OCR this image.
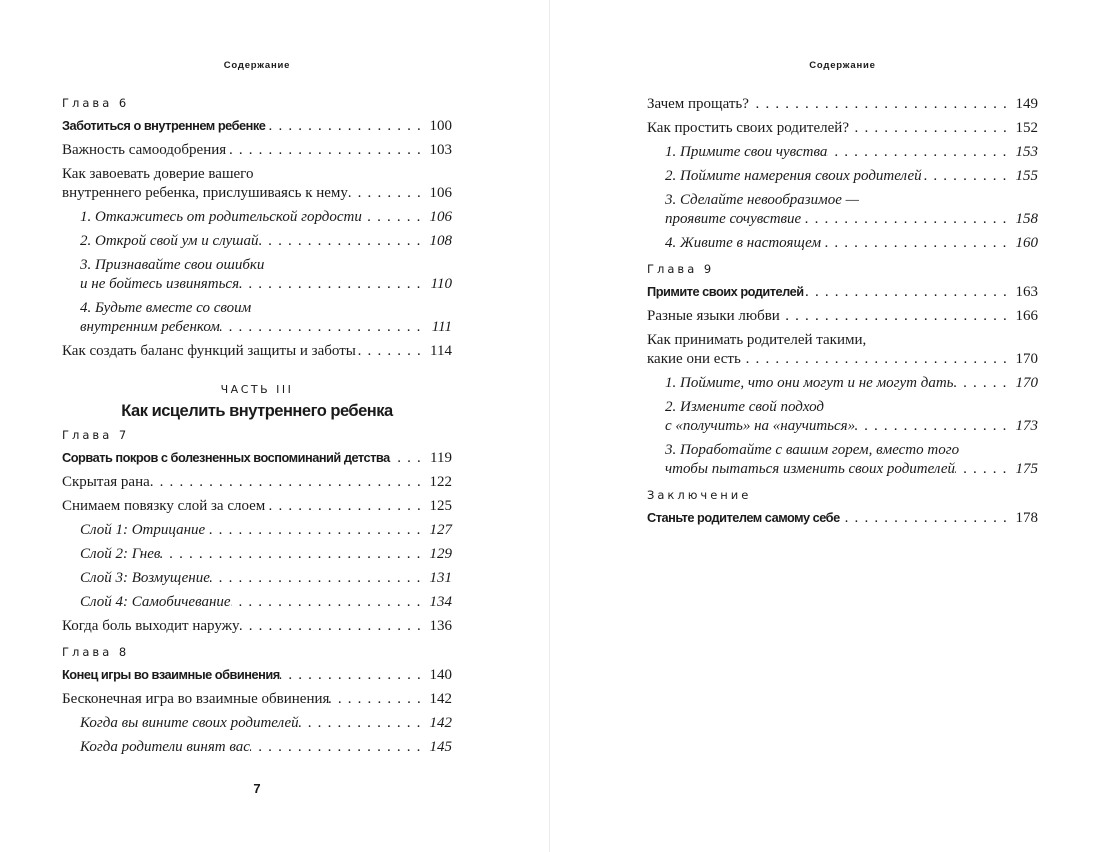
Содержание
Глава 6
Заботиться о внутреннем ребенке . . .	100
Важность самоодобрения . . .	103
Как завоевать доверие вашего
внутреннего ребенка, прислушиваясь к нему . . .	106
1. Откажитесь от родительской гордости . . .	106
2. Открой свой ум и слушай . . .	108
3. Признавайте свои ошибки
и не бойтесь извиняться . . .	110
4. Будьте вместе со своим
внутренним ребенком . . .	111
Как создать баланс функций защиты и заботы . . .	114
ЧАСТЬ III
Как исцелить внутреннего ребенка
Глава 7
Сорвать покров с болезненных воспоминаний детства . . .	119
Скрытая рана . . .	122
Снимаем повязку слой за слоем . . .	125
Слой 1: Отрицание . . .	127
Слой 2: Гнев . . .	129
Слой 3: Возмущение . . .	131
Слой 4: Самобичевание . . .	134
Когда боль выходит наружу . . .	136
Глава 8
Конец игры во взаимные обвинения . . .	140
Бесконечная игра во взаимные обвинения . . .	142
Когда вы вините своих родителей . . .	142
Когда родители винят вас . . .	145
7
Содержание
Зачем прощать? . . .	149
Как простить своих родителей? . . .	152
1. Примите свои чувства . . .	153
2. Поймите намерения своих родителей . . .	155
3. Сделайте невообразимое —
проявите сочувствие . . .	158
4. Живите в настоящем . . .	160
Глава 9
Примите своих родителей . . .	163
Разные языки любви . . .	166
Как принимать родителей такими,
какие они есть . . .	170
1. Поймите, что они могут и не могут дать . . .	170
2. Измените свой подход
с «получить» на «научиться» . . .	173
3. Поработайте с вашим горем, вместо того
чтобы пытаться изменить своих родителей . . .	175
Заключение
Станьте родителем самому себе . . .	178
